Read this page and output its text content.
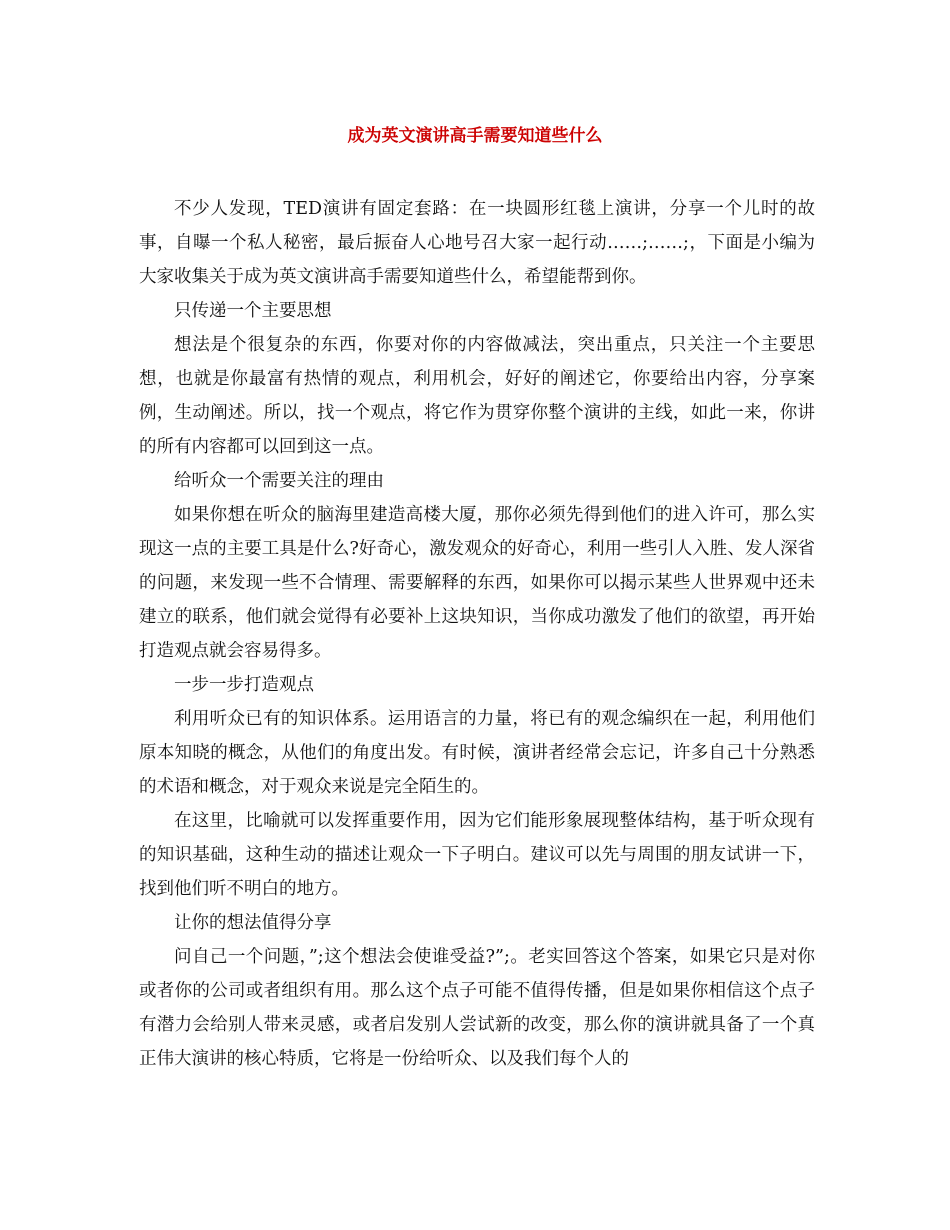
成为英文演讲高手需要知道些什么

不少人发现，TED演讲有固定套路：在一块圆形红毯上演讲，分享一个儿时的故事，自曝一个私人秘密，最后振奋人心地号召大家一起行动……;……;，下面是小编为大家收集关于成为英文演讲高手需要知道些什么，希望能帮到你。

只传递一个主要思想

想法是个很复杂的东西，你要对你的内容做减法，突出重点，只关注一个主要思想，也就是你最富有热情的观点，利用机会，好好的阐述它，你要给出内容，分享案例，生动阐述。所以，找一个观点，将它作为贯穿你整个演讲的主线，如此一来，你讲的所有内容都可以回到这一点。

给听众一个需要关注的理由

如果你想在听众的脑海里建造高楼大厦，那你必须先得到他们的进入许可，那么实现这一点的主要工具是什么?好奇心，激发观众的好奇心，利用一些引人入胜、发人深省的问题，来发现一些不合情理、需要解释的东西，如果你可以揭示某些人世界观中还未建立的联系，他们就会觉得有必要补上这块知识，当你成功激发了他们的欲望，再开始打造观点就会容易得多。

一步一步打造观点

利用听众已有的知识体系。运用语言的力量，将已有的观念编织在一起，利用他们原本知晓的概念，从他们的角度出发。有时候，演讲者经常会忘记，许多自己十分熟悉的术语和概念，对于观众来说是完全陌生的。

在这里，比喻就可以发挥重要作用，因为它们能形象展现整体结构，基于听众现有的知识基础，这种生动的描述让观众一下子明白。建议可以先与周围的朋友试讲一下，找到他们听不明白的地方。

让你的想法值得分享

问自己一个问题，”;这个想法会使谁受益?”;。老实回答这个答案，如果它只是对你或者你的公司或者组织有用。那么这个点子可能不值得传播，但是如果你相信这个点子有潜力会给别人带来灵感，或者启发别人尝试新的改变，那么你的演讲就具备了一个真正伟大演讲的核心特质，它将是一份给听众、以及我们每个人的
